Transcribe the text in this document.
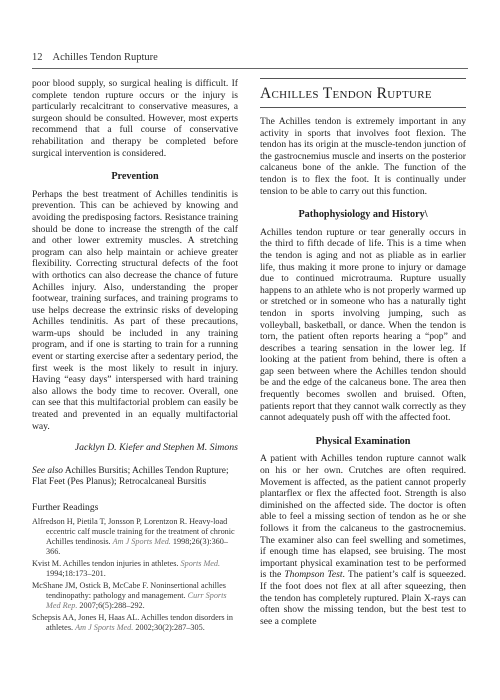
12 Achilles Tendon Rupture

poor blood supply, so surgical healing is difficult. If complete tendon rupture occurs or the injury is particularly recalcitrant to conservative measures, a surgeon should be consulted. However, most experts recommend that a full course of conservative rehabilitation and therapy be completed before surgical intervention is considered.

Prevention

Perhaps the best treatment of Achilles tendinitis is prevention. This can be achieved by knowing and avoiding the predisposing factors. Resistance training should be done to increase the strength of the calf and other lower extremity muscles. A stretching program can also help maintain or achieve greater flexibility. Correcting structural defects of the foot with orthotics can also decrease the chance of future Achilles injury. Also, understanding the proper footwear, training surfaces, and training programs to use helps decrease the extrinsic risks of developing Achilles tendinitis. As part of these precautions, warm-ups should be included in any training program, and if one is starting to train for a running event or starting exercise after a sedentary period, the first week is the most likely to result in injury. Having “easy days” interspersed with hard training also allows the body time to recover. Overall, one can see that this multifactorial problem can easily be treated and prevented in an equally multifactorial way.

Jacklyn D. Kiefer and Stephen M. Simons

See also Achilles Bursitis; Achilles Tendon Rupture; Flat Feet (Pes Planus); Retrocalcaneal Bursitis

Further Readings
Alfredson H, Pietila T, Jonsson P, Lorentzon R. Heavy-load eccentric calf muscle training for the treatment of chronic Achilles tendinosis. Am J Sports Med. 1998;26(3):360–366.
Kvist M. Achilles tendon injuries in athletes. Sports Med. 1994;18:173–201.
McShane JM, Ostick B, McCabe F. Noninsertional achilles tendinopathy: pathology and management. Curr Sports Med Rep. 2007;6(5):288–292.
Schepsis AA, Jones H, Haas AL. Achilles tendon disorders in athletes. Am J Sports Med. 2002;30(2):287–305.
Achilles Tendon Rupture

The Achilles tendon is extremely important in any activity in sports that involves foot flexion. The tendon has its origin at the muscle-tendon junction of the gastrocnemius muscle and inserts on the posterior calcaneus bone of the ankle. The function of the tendon is to flex the foot. It is continually under tension to be able to carry out this function.

Pathophysiology and History\

Achilles tendon rupture or tear generally occurs in the third to fifth decade of life. This is a time when the tendon is aging and not as pliable as in earlier life, thus making it more prone to injury or damage due to continued microtrauma. Rupture usually happens to an athlete who is not properly warmed up or stretched or in someone who has a naturally tight tendon in sports involving jumping, such as volleyball, basketball, or dance. When the tendon is torn, the patient often reports hearing a “pop” and describes a tearing sensation in the lower leg. If looking at the patient from behind, there is often a gap seen between where the Achilles tendon should be and the edge of the calcaneus bone. The area then frequently becomes swollen and bruised. Often, patients report that they cannot walk correctly as they cannot adequately push off with the affected foot.

Physical Examination

A patient with Achilles tendon rupture cannot walk on his or her own. Crutches are often required. Movement is affected, as the patient cannot properly plantarflex or flex the affected foot. Strength is also diminished on the affected side. The doctor is often able to feel a missing section of tendon as he or she follows it from the calcaneus to the gastrocnemius. The examiner also can feel swelling and sometimes, if enough time has elapsed, see bruising. The most important physical examination test to be performed is the Thompson Test. The patient’s calf is squeezed. If the foot does not flex at all after squeezing, then the tendon has completely ruptured. Plain X-rays can often show the missing tendon, but the best test to see a complete
